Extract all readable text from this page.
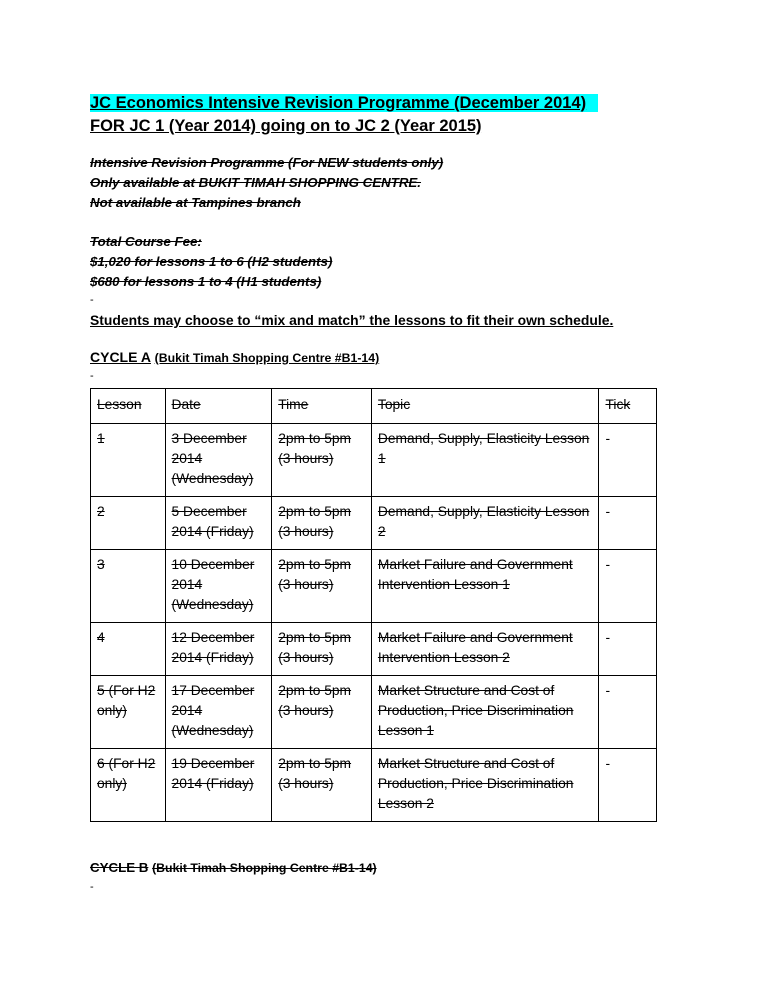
JC Economics Intensive Revision Programme (December 2014)
FOR JC 1 (Year 2014) going on to JC 2 (Year 2015)
Intensive Revision Programme (For NEW students only)
Only available at BUKIT TIMAH SHOPPING CENTRE.
Not available at Tampines branch
Total Course Fee:
$1,020 for lessons 1 to 6 (H2 students)
$680 for lessons 1 to 4 (H1 students)
-
Students may choose to “mix and match” the lessons to fit their own schedule.
CYCLE A (Bukit Timah Shopping Centre #B1-14)
-
Lesson	Date	Time	Topic	Tick
1	3 December 2014 (Wednesday)	2pm to 5pm (3 hours)	Demand, Supply, Elasticity Lesson 1	-
2	5 December 2014 (Friday)	2pm to 5pm (3 hours)	Demand, Supply, Elasticity Lesson 2	-
3	10 December 2014 (Wednesday)	2pm to 5pm (3 hours)	Market Failure and Government Intervention Lesson 1	-
4	12 December 2014 (Friday)	2pm to 5pm (3 hours)	Market Failure and Government Intervention Lesson 2	-
5 (For H2 only)	17 December 2014 (Wednesday)	2pm to 5pm (3 hours)	Market Structure and Cost of Production, Price Discrimination Lesson 1	-
6 (For H2 only)	19 December 2014 (Friday)	2pm to 5pm (3 hours)	Market Structure and Cost of Production, Price Discrimination Lesson 2	-
CYCLE B (Bukit Timah Shopping Centre #B1-14)
-
